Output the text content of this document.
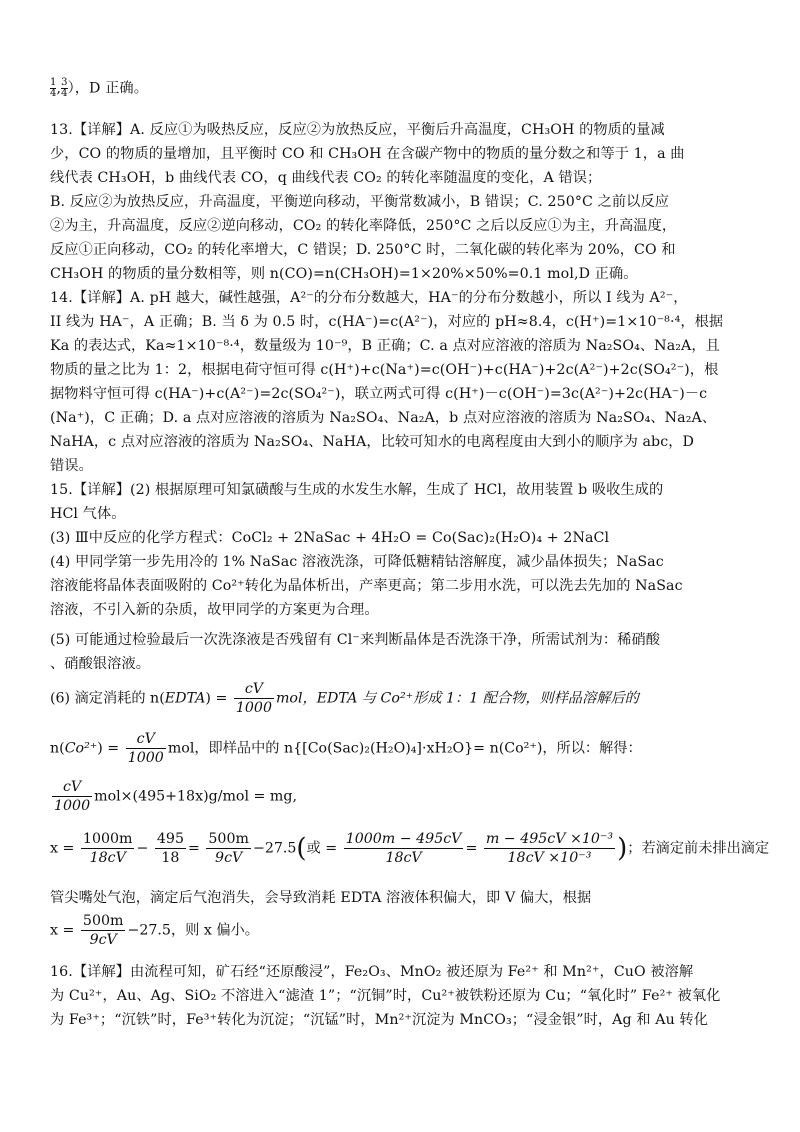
$\frac{1}{4}$ , $\frac{3}{4}$ ），D 正确。
13.【详解】A. 反应①为吸热反应，反应②为放热反应，平衡后升高温度，CH₃OH 的物质的量减
少，CO 的物质的量增加，且平衡时 CO 和 CH₃OH 在含碳产物中的物质的量分数之和等于 1，a 曲
线代表 CH₃OH，b 曲线代表 CO，q 曲线代表 CO₂ 的转化率随温度的变化，A 错误；
B. 反应②为放热反应，升高温度，平衡逆向移动，平衡常数减小，B 错误；C. 250°C 之前以反应
②为主，升高温度，反应②逆向移动，CO₂ 的转化率降低，250°C 之后以反应①为主，升高温度，
反应①正向移动，CO₂ 的转化率增大，C 错误；D. 250°C 时，二氧化碳的转化率为 20%，CO 和
CH₃OH 的物质的量分数相等，则 n(CO)=n(CH₃OH)=1×20%×50%=0.1 mol,D 正确。
14.【详解】A. pH 越大，碱性越强，A²⁻的分布分数越大，HA⁻的分布分数越小，所以 I 线为 A²⁻，
II 线为 HA⁻，A 正确；B. 当 δ 为 0.5 时，c(HA⁻)=c(A²⁻)，对应的 pH≈8.4，c(H⁺)=1×10⁻⁸·⁴，根据
Ka 的表达式，Ka≈1×10⁻⁸·⁴，数量级为 10⁻⁹，B 正确；C. a 点对应溶液的溶质为 Na₂SO₄、Na₂A，且
物质的量之比为 1：2，根据电荷守恒可得 c(H⁺)+c(Na⁺)=c(OH⁻)+c(HA⁻)+2c(A²⁻)+2c(SO₄²⁻)，根
据物料守恒可得 c(HA⁻)+c(A²⁻)=2c(SO₄²⁻)，联立两式可得 c(H⁺)－c(OH⁻)=3c(A²⁻)+2c(HA⁻)－c
(Na⁺)，C 正确；D. a 点对应溶液的溶质为 Na₂SO₄、Na₂A，b 点对应溶液的溶质为 Na₂SO₄、Na₂A、
NaHA，c 点对应溶液的溶质为 Na₂SO₄、NaHA，比较可知水的电离程度由大到小的顺序为 abc，D
错误。
15.【详解】(2) 根据原理可知氯磺酸与生成的水发生水解，生成了 HCl，故用装置 b 吸收生成的
HCl 气体。
(3) Ⅲ中反应的化学方程式：CoCl₂ + 2NaSac + 4H₂O = Co(Sac)₂(H₂O)₄ + 2NaCl
(4) 甲同学第一步先用冷的 1% NaSac 溶液洗涤，可降低糖精钴溶解度，减少晶体损失；NaSac
溶液能将晶体表面吸附的 Co²⁺转化为晶体析出，产率更高；第二步用水洗，可以洗去先加的 NaSac
溶液，不引入新的杂质，故甲同学的方案更为合理。
(5) 可能通过检验最后一次洗涤液是否残留有 Cl⁻来判断晶体是否洗涤干净，所需试剂为：稀硝酸
、硝酸银溶液。
(6) 滴定消耗的 n(EDTA) = $\frac{cV}{1000}$ mol，EDTA 与 Co²⁺形成 1：1 配合物，则样品溶解后的
$n(Co^{2+}) = \frac{cV}{1000}$ mol，即样品中的 n{[Co(Sac)₂(H₂O)₄]·xH₂O}= n(Co²⁺)，所以：解得：
$\frac{cV}{1000} mol\times(495+18x)g/mol$ = mg,
$x = \frac{1000m}{18cV} - \frac{495}{18} = \frac{500m}{9cV} -27.5$(或 = $\frac{1000m - 495cV}{18cV} = \frac{\text{m − 495cV ×10⁻³}}{\text{18cV ×10⁻³}}$ )；若滴定前未排出滴定
管尖嘴处气泡，滴定后气泡消失，会导致消耗 EDTA 溶液体积偏大，即 V 偏大，根据
$x = \frac{500m}{9cV} -27.5$，则 x 偏小。
16.【详解】由流程可知，矿石经“还原酸浸”，Fe₂O₃、MnO₂ 被还原为 Fe²⁺ 和 Mn²⁺，CuO 被溶解
为 Cu²⁺，Au、Ag、SiO₂ 不溶进入“滤渣 1”；“沉铜”时，Cu²⁺被铁粉还原为 Cu；“氧化时” Fe²⁺ 被氧化
为 Fe³⁺；“沉铁”时，Fe³⁺转化为沉淀；“沉锰”时，Mn²⁺沉淀为 MnCO₃；“浸金银”时，Ag 和 Au 转化
